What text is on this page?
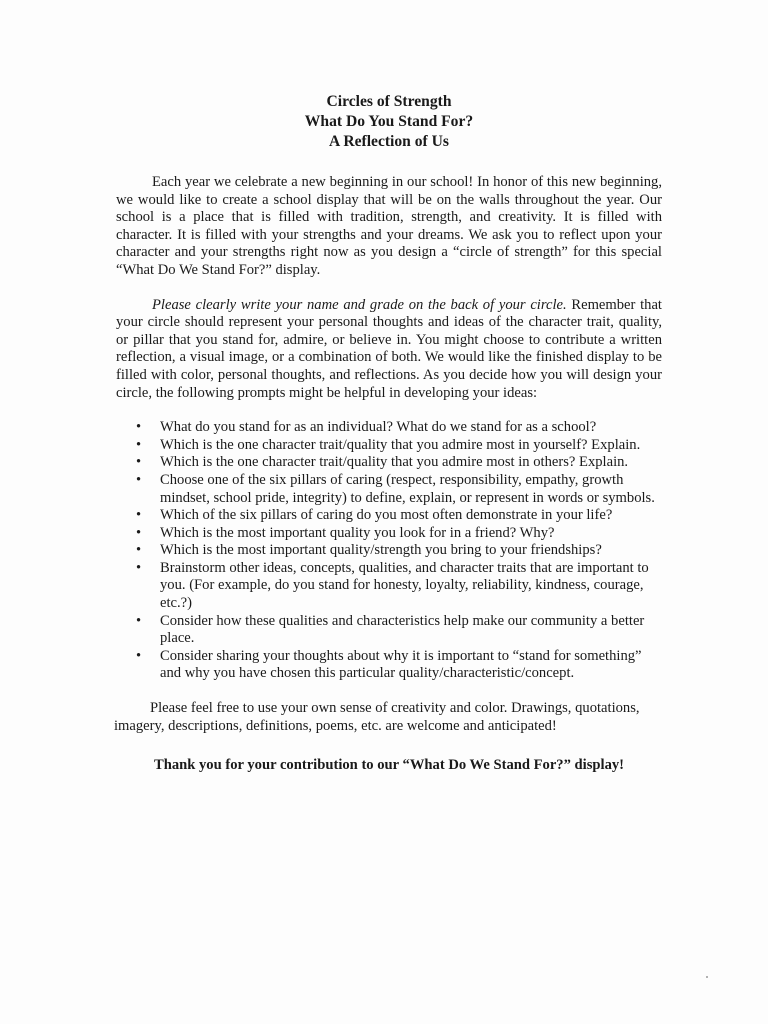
Circles of Strength
What Do You Stand For?
A Reflection of Us

Each year we celebrate a new beginning in our school! In honor of this new beginning, we would like to create a school display that will be on the walls throughout the year. Our school is a place that is filled with tradition, strength, and creativity. It is filled with character. It is filled with your strengths and your dreams. We ask you to reflect upon your character and your strengths right now as you design a “circle of strength” for this special “What Do We Stand For?” display.

Please clearly write your name and grade on the back of your circle. Remember that your circle should represent your personal thoughts and ideas of the character trait, quality, or pillar that you stand for, admire, or believe in. You might choose to contribute a written reflection, a visual image, or a combination of both. We would like the finished display to be filled with color, personal thoughts, and reflections. As you decide how you will design your circle, the following prompts might be helpful in developing your ideas:

• What do you stand for as an individual? What do we stand for as a school?
• Which is the one character trait/quality that you admire most in yourself? Explain.
• Which is the one character trait/quality that you admire most in others? Explain.
• Choose one of the six pillars of caring (respect, responsibility, empathy, growth mindset, school pride, integrity) to define, explain, or represent in words or symbols.
• Which of the six pillars of caring do you most often demonstrate in your life?
• Which is the most important quality you look for in a friend? Why?
• Which is the most important quality/strength you bring to your friendships?
• Brainstorm other ideas, concepts, qualities, and character traits that are important to you. (For example, do you stand for honesty, loyalty, reliability, kindness, courage, etc.?)
• Consider how these qualities and characteristics help make our community a better place.
• Consider sharing your thoughts about why it is important to “stand for something” and why you have chosen this particular quality/characteristic/concept.

Please feel free to use your own sense of creativity and color. Drawings, quotations, imagery, descriptions, definitions, poems, etc. are welcome and anticipated!

Thank you for your contribution to our “What Do We Stand For?” display!
